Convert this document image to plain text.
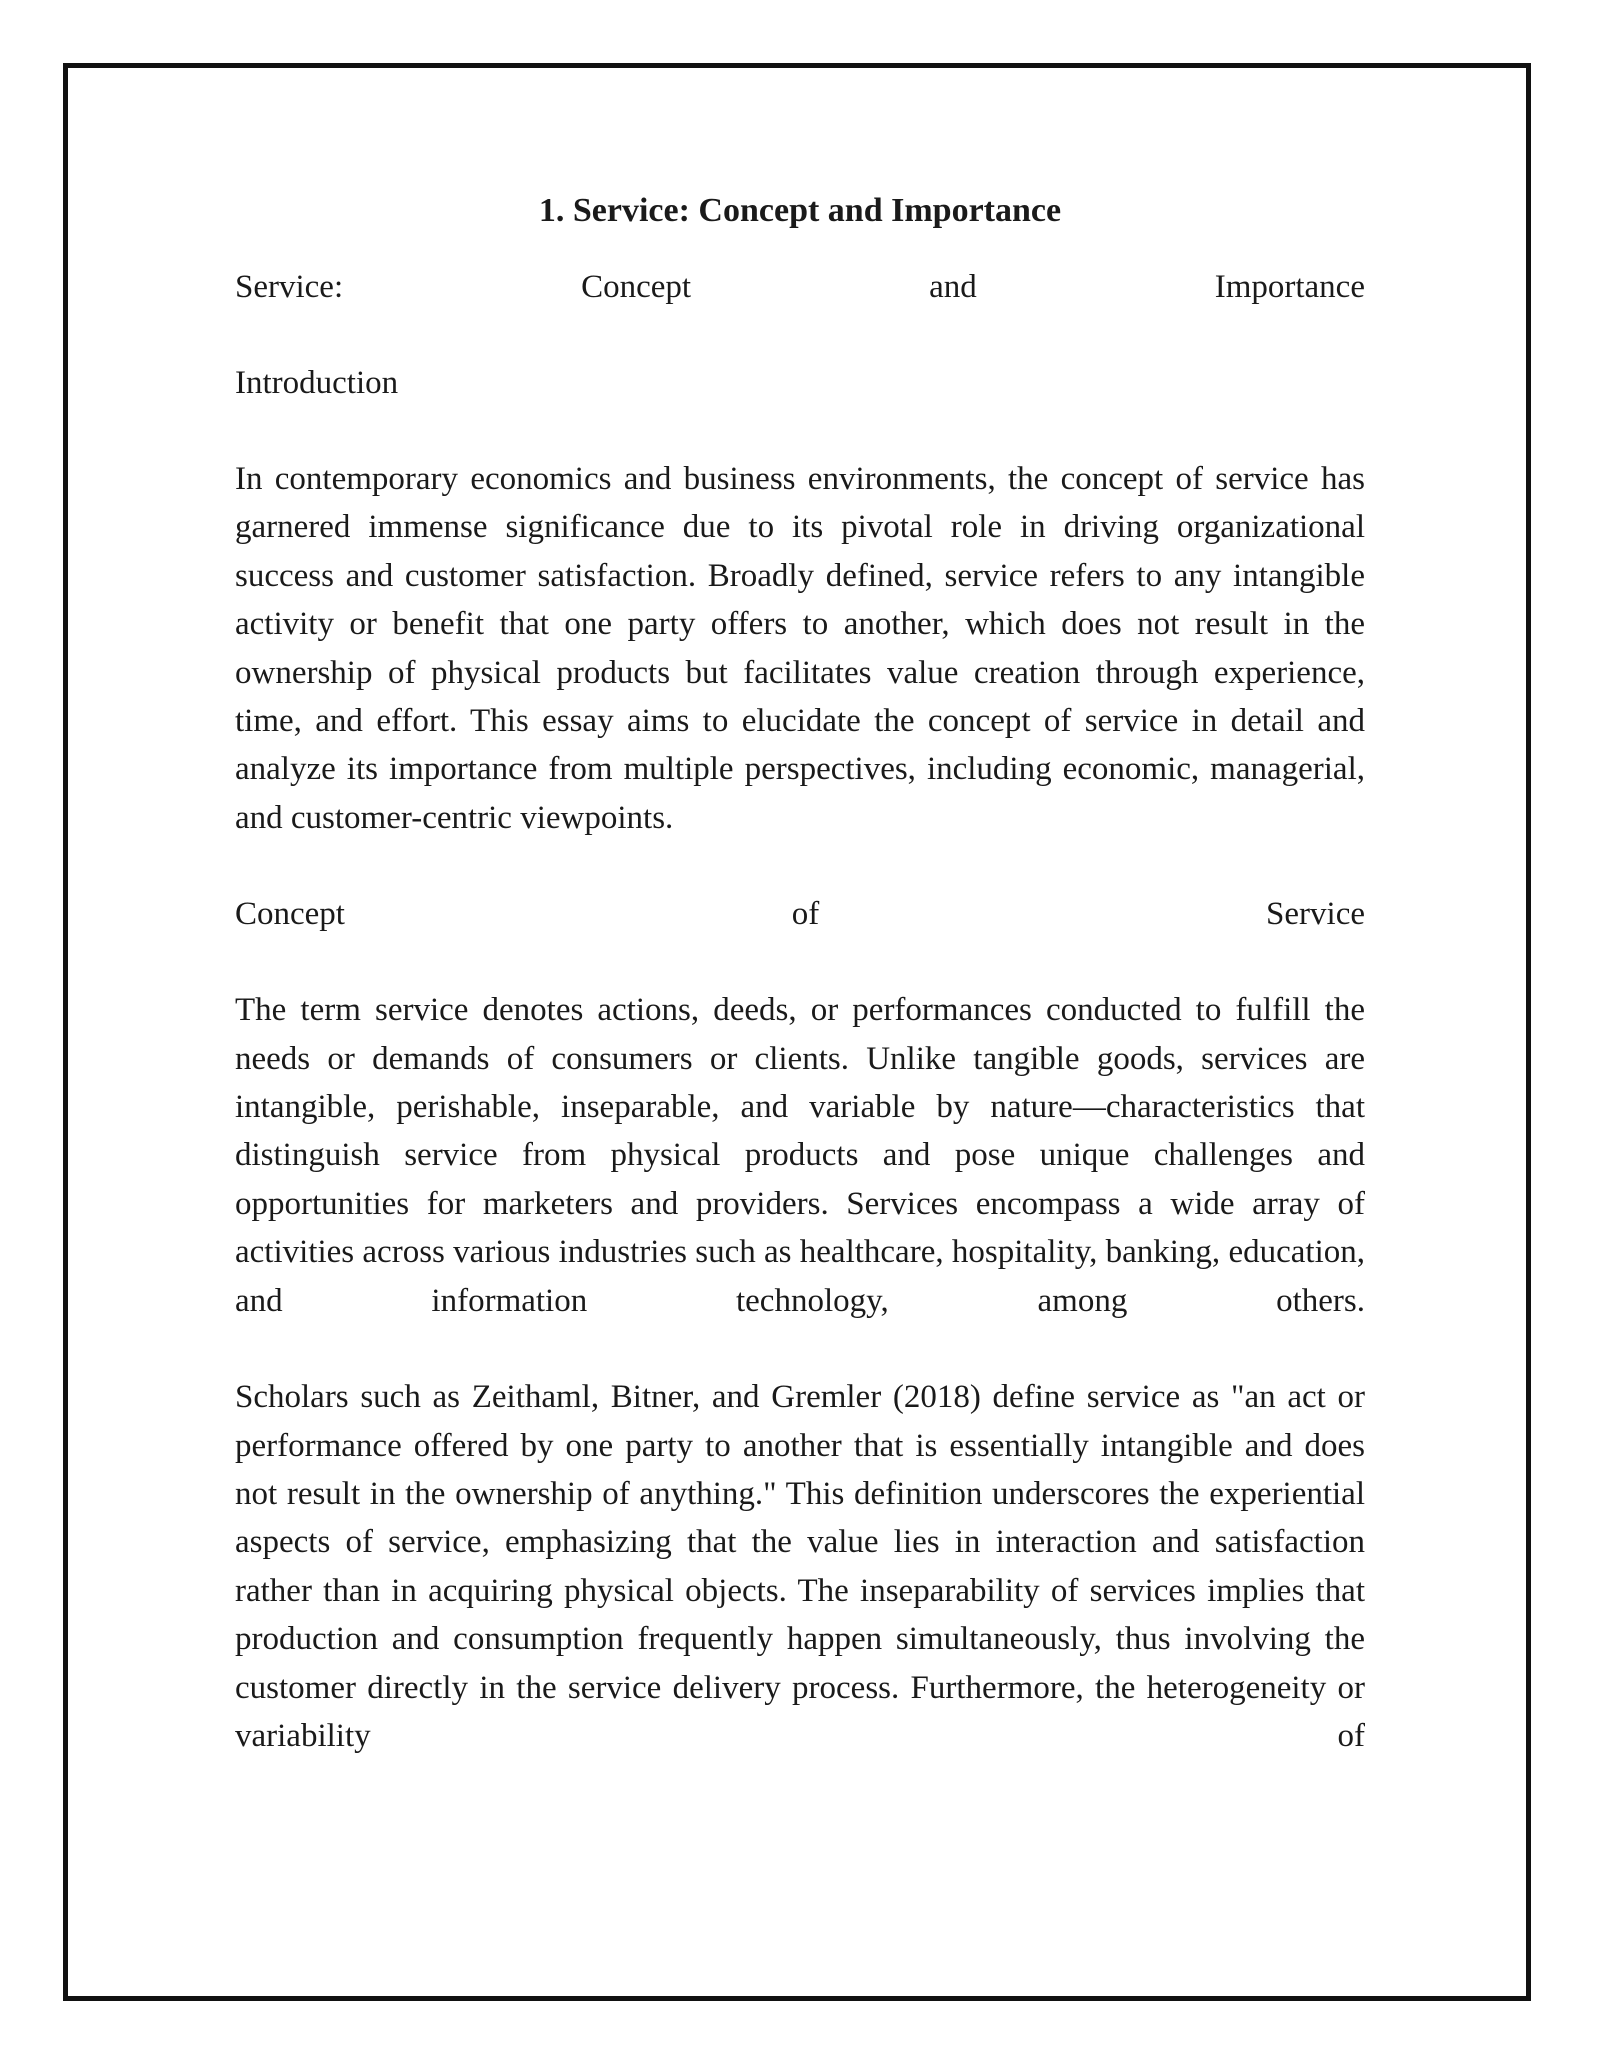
1. Service: Concept and Importance
Service:	Concept	and	Importance

Introduction

In contemporary economics and business environments, the concept of service has garnered immense significance due to its pivotal role in driving organizational success and customer satisfaction. Broadly defined, service refers to any intangible activity or benefit that one party offers to another, which does not result in the ownership of physical products but facilitates value creation through experience, time, and effort. This essay aims to elucidate the concept of service in detail and analyze its importance from multiple perspectives, including economic, managerial, and customer-centric viewpoints.

Concept	of	Service

The term service denotes actions, deeds, or performances conducted to fulfill the needs or demands of consumers or clients. Unlike tangible goods, services are intangible, perishable, inseparable, and variable by nature—characteristics that distinguish service from physical products and pose unique challenges and opportunities for marketers and providers. Services encompass a wide array of activities across various industries such as healthcare, hospitality, banking, education, and information technology, among others.

Scholars such as Zeithaml, Bitner, and Gremler (2018) define service as "an act or performance offered by one party to another that is essentially intangible and does not result in the ownership of anything." This definition underscores the experiential aspects of service, emphasizing that the value lies in interaction and satisfaction rather than in acquiring physical objects. The inseparability of services implies that production and consumption frequently happen simultaneously, thus involving the customer directly in the service delivery process. Furthermore, the heterogeneity or variability of
